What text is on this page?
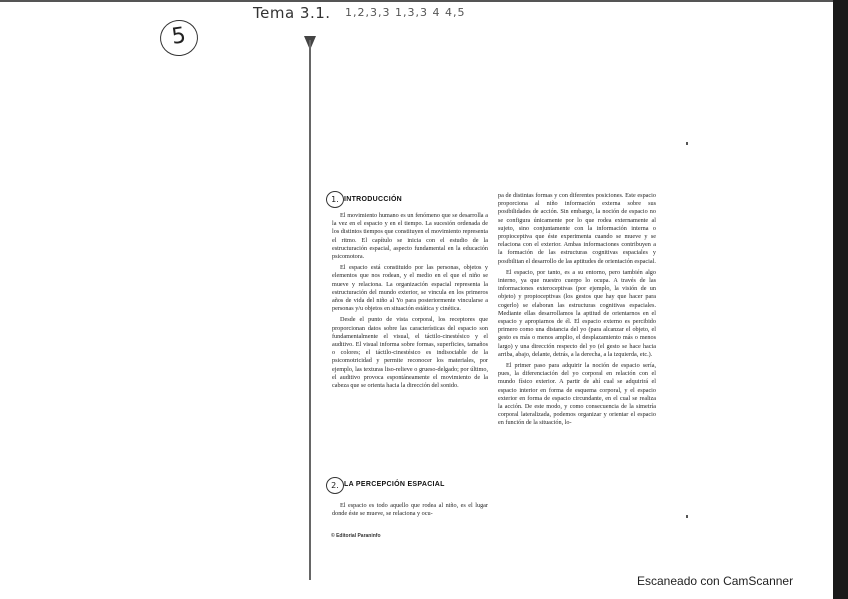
Tema 3.1. 1,2,3,3 1,3,3 4 4,5
5
1. INTRODUCCIÓN

El movimiento humano es un fenómeno que se desarrolla a la vez en el espacio y en el tiempo. La sucesión ordenada de los distintos tiempos que constituyen el movimiento representa el ritmo. El capítulo se inicia con el estudio de la estructuración espacial, aspecto fundamental en la educación psicomotora.

El espacio está constituido por las personas, objetos y elementos que nos rodean, y el medio en el que el niño se mueve y relaciona. La organización espacial representa la estructuración del mundo exterior, se vincula en los primeros años de vida del niño al Yo para posteriormente vincularse a personas y/u objetos en situación estática y cinética.

Desde el punto de vista corporal, los receptores que proporcionan datos sobre las características del espacio son fundamentalmente el visual, el táctilo-cinestésico y el auditivo. El visual informa sobre formas, superficies, tamaños o colores; el táctilo-cinestésico es indisociable de la psicomotricidad y permite reconocer los materiales, por ejemplo, las texturas liso-relieve o grueso-delgado; por último, el auditivo provoca espontáneamente el movimiento de la cabeza que se orienta hacia la dirección del sonido.

2. LA PERCEPCIÓN ESPACIAL

El espacio es todo aquello que rodea al niño, es el lugar donde éste se mueve, se relaciona y ocu-

pa de distintas formas y con diferentes posiciones. Este espacio proporciona al niño información externa sobre sus posibilidades de acción. Sin embargo, la noción de espacio no se configura únicamente por lo que rodea externamente al sujeto, sino conjuntamente con la información interna o propioceptiva que éste experimenta cuando se mueve y se relaciona con el exterior. Ambas informaciones contribuyen a la formación de las estructuras cognitivas espaciales y posibilitan el desarrollo de las aptitudes de orientación espacial.

El espacio, por tanto, es a su entorno, pero también algo interno, ya que nuestro cuerpo lo ocupa. A través de las informaciones exteroceptivas (por ejemplo, la visión de un objeto) y propioceptivas (los gestos que hay que hacer para cogerlo) se elaboran las estructuras cognitivas espaciales. Mediante ellas desarrollamos la aptitud de orientarnos en el espacio y apropiarnos de él. El espacio externo es percibido primero como una distancia del yo (para alcanzar el objeto, el gesto es más o menos amplio, el desplazamiento más o menos largo) y una dirección respecto del yo (el gesto se hace hacia arriba, abajo, delante, detrás, a la derecha, a la izquierda, etc.).

El primer paso para adquirir la noción de espacio sería, pues, la diferenciación del yo corporal en relación con el mundo físico exterior. A partir de ahí cual se adquirirá el espacio interior en forma de esquema corporal, y el espacio exterior en forma de espacio circundante, en el cual se realiza la acción. De este modo, y como consecuencia de la simetría corporal lateralizada, podemos organizar y orientar el espacio en función de la situación, lo-

© Editorial Paraninfo
Escaneado con CamScanner
